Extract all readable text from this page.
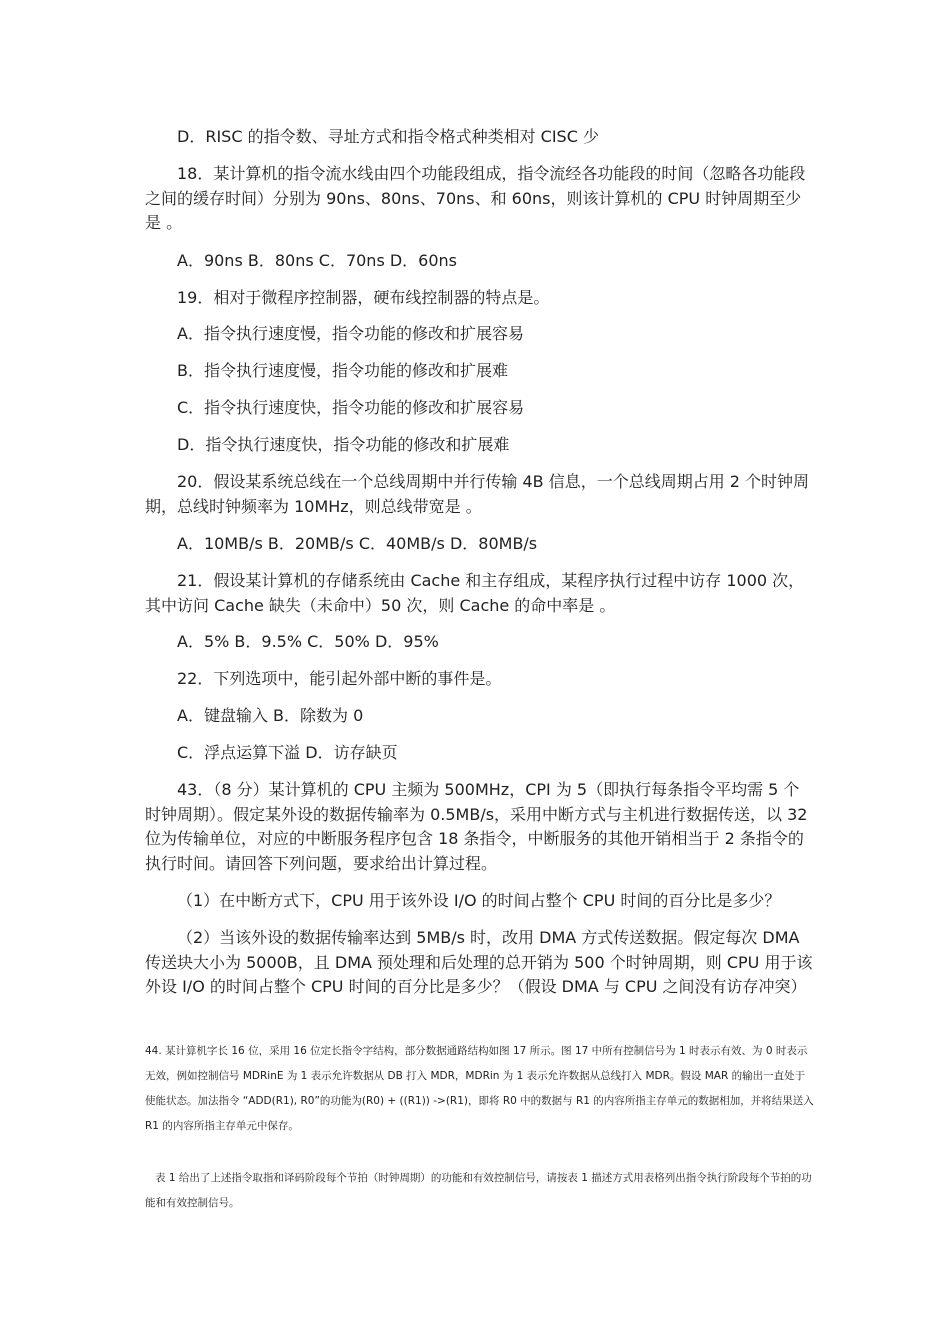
D．RISC 的指令数、寻址方式和指令格式种类相对 CISC 少
18．某计算机的指令流水线由四个功能段组成，指令流经各功能段的时间（忽略各功能段之间的缓存时间）分别为 90ns、80ns、70ns、和 60ns，则该计算机的 CPU 时钟周期至少是 。
A．90ns B．80ns C．70ns D．60ns
19．相对于微程序控制器，硬布线控制器的特点是。
A．指令执行速度慢，指令功能的修改和扩展容易
B．指令执行速度慢，指令功能的修改和扩展难
C．指令执行速度快，指令功能的修改和扩展容易
D．指令执行速度快，指令功能的修改和扩展难
20．假设某系统总线在一个总线周期中并行传输 4B 信息，一个总线周期占用 2 个时钟周期，总线时钟频率为 10MHz，则总线带宽是 。
A．10MB/s B．20MB/s C．40MB/s D．80MB/s
21．假设某计算机的存储系统由 Cache 和主存组成，某程序执行过程中访存 1000 次，其中访问 Cache 缺失（未命中）50 次，则 Cache 的命中率是 。
A．5% B．9.5% C．50% D．95%
22．下列选项中，能引起外部中断的事件是。
A．键盘输入 B．除数为 0
C．浮点运算下溢 D．访存缺页
43．（8 分）某计算机的 CPU 主频为 500MHz，CPI 为 5（即执行每条指令平均需 5 个时钟周期）。假定某外设的数据传输率为 0.5MB/s，采用中断方式与主机进行数据传送，以 32 位为传输单位，对应的中断服务程序包含 18 条指令，中断服务的其他开销相当于 2 条指令的执行时间。请回答下列问题，要求给出计算过程。
（1）在中断方式下，CPU 用于该外设 I/O 的时间占整个 CPU 时间的百分比是多少？
（2）当该外设的数据传输率达到 5MB/s 时，改用 DMA 方式传送数据。假定每次 DMA 传送块大小为 5000B，且 DMA 预处理和后处理的总开销为 500 个时钟周期，则 CPU 用于该外设 I/O 的时间占整个 CPU 时间的百分比是多少？（假设 DMA 与 CPU 之间没有访存冲突）
44. 某计算机字长 16 位，采用 16 位定长指令字结构，部分数据通路结构如图 17 所示。图 17 中所有控制信号为 1 时表示有效、为 0 时表示无效，例如控制信号 MDRinE 为 1 表示允许数据从 DB 打入 MDR，MDRin 为 1 表示允许数据从总线打入 MDR。假设 MAR 的输出一直处于使能状态。加法指令 “ADD(R1), R0”的功能为(R0) + ((R1)) ->(R1)，即将 R0 中的数据与 R1 的内容所指主存单元的数据相加，并将结果送入 R1 的内容所指主存单元中保存。
表 1 给出了上述指令取指和译码阶段每个节拍（时钟周期）的功能和有效控制信号，请按表 1 描述方式用表格列出指令执行阶段每个节拍的功能和有效控制信号。
